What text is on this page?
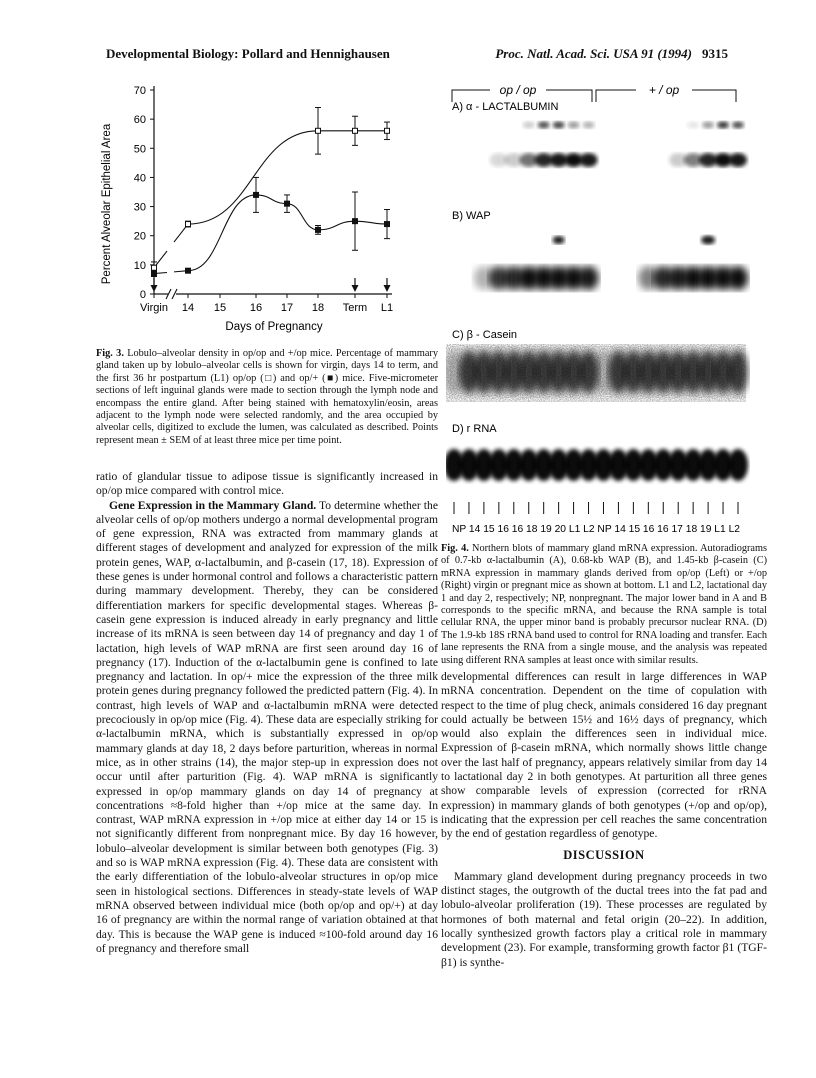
Developmental Biology: Pollard and Hennighausen	Proc. Natl. Acad. Sci. USA 91 (1994) 9315
Percent Alveolar Epithelial Area
Days of Pregnancy
0
10
20
30
40
50
60
70
Virgin 14 15 16 17 18 Term L1
Fig. 3. Lobulo–alveolar density in op/op and +/op mice. Percentage of mammary gland taken up by lobulo–alveolar cells is shown for virgin, days 14 to term, and the first 36 hr postpartum (L1) op/op (□) and op/+ (■) mice. Five-micrometer sections of left inguinal glands were made to section through the lymph node and encompass the entire gland. After being stained with hematoxylin/eosin, areas adjacent to the lymph node were selected randomly, and the area occupied by alveolar cells, digitized to exclude the lumen, was calculated as described. Points represent mean ± SEM of at least three mice per time point.

ratio of glandular tissue to adipose tissue is significantly increased in op/op mice compared with control mice.

Gene Expression in the Mammary Gland. To determine whether the alveolar cells of op/op mothers undergo a normal developmental program of gene expression, RNA was extracted from mammary glands at different stages of development and analyzed for expression of the milk protein genes, WAP, α-lactalbumin, and β-casein (17, 18). Expression of these genes is under hormonal control and follows a characteristic pattern during mammary development. Thereby, they can be considered differentiation markers for specific developmental stages. Whereas β-casein gene expression is induced already in early pregnancy and little increase of its mRNA is seen between day 14 of pregnancy and day 1 of lactation, high levels of WAP mRNA are first seen around day 16 of pregnancy (17). Induction of the α-lactalbumin gene is confined to late pregnancy and lactation. In op/+ mice the expression of the three milk protein genes during pregnancy followed the predicted pattern (Fig. 4). In contrast, high levels of WAP and α-lactalbumin mRNA were detected precociously in op/op mice (Fig. 4). These data are especially striking for α-lactalbumin mRNA, which is substantially expressed in op/op mammary glands at day 18, 2 days before parturition, whereas in normal mice, as in other strains (14), the major step-up in expression does not occur until after parturition (Fig. 4). WAP mRNA is significantly expressed in op/op mammary glands on day 14 of pregnancy at concentrations ≈8-fold higher than +/op mice at the same day. In contrast, WAP mRNA expression in +/op mice at either day 14 or 15 is not significantly different from nonpregnant mice. By day 16 however, lobulo–alveolar development is similar between both genotypes (Fig. 3) and so is WAP mRNA expression (Fig. 4). These data are consistent with the early differentiation of the lobulo-alveolar structures in op/op mice seen in histological sections. Differences in steady-state levels of WAP mRNA observed between individual mice (both op/op and op/+) at day 16 of pregnancy are within the normal range of variation obtained at that day. This is because the WAP gene is induced ≈100-fold around day 16 of pregnancy and therefore small

op / op	+ / op
A) α - LACTALBUMIN
B) WAP
C) β - Casein
D) r RNA
NP 14 15 16 16 18 19 20 L1 L2 NP 14 15 16 16 17 18 19 L1 L2
Fig. 4. Northern blots of mammary gland mRNA expression. Autoradiograms of 0.7-kb α-lactalbumin (A), 0.68-kb WAP (B), and 1.45-kb β-casein (C) mRNA expression in mammary glands derived from op/op (Left) or +/op (Right) virgin or pregnant mice as shown at bottom. L1 and L2, lactational day 1 and day 2, respectively; NP, nonpregnant. The major lower band in A and B corresponds to the specific mRNA, and because the RNA sample is total cellular RNA, the upper minor band is probably precursor nuclear RNA. (D) The 1.9-kb 18S rRNA band used to control for RNA loading and transfer. Each lane represents the RNA from a single mouse, and the analysis was repeated using different RNA samples at least once with similar results.

developmental differences can result in large differences in WAP mRNA concentration. Dependent on the time of copulation with respect to the time of plug check, animals considered 16 day pregnant could actually be between 15½ and 16½ days of pregnancy, which would also explain the differences seen in individual mice. Expression of β-casein mRNA, which normally shows little change over the last half of pregnancy, appears relatively similar from day 14 to lactational day 2 in both genotypes. At parturition all three genes show comparable levels of expression (corrected for rRNA expression) in mammary glands of both genotypes (+/op and op/op), indicating that the expression per cell reaches the same concentration by the end of gestation regardless of genotype.

DISCUSSION

Mammary gland development during pregnancy proceeds in two distinct stages, the outgrowth of the ductal trees into the fat pad and lobulo-alveolar proliferation (19). These processes are regulated by hormones of both maternal and fetal origin (20–22). In addition, locally synthesized growth factors play a critical role in mammary development (23). For example, transforming growth factor β1 (TGF-β1) is synthe-
